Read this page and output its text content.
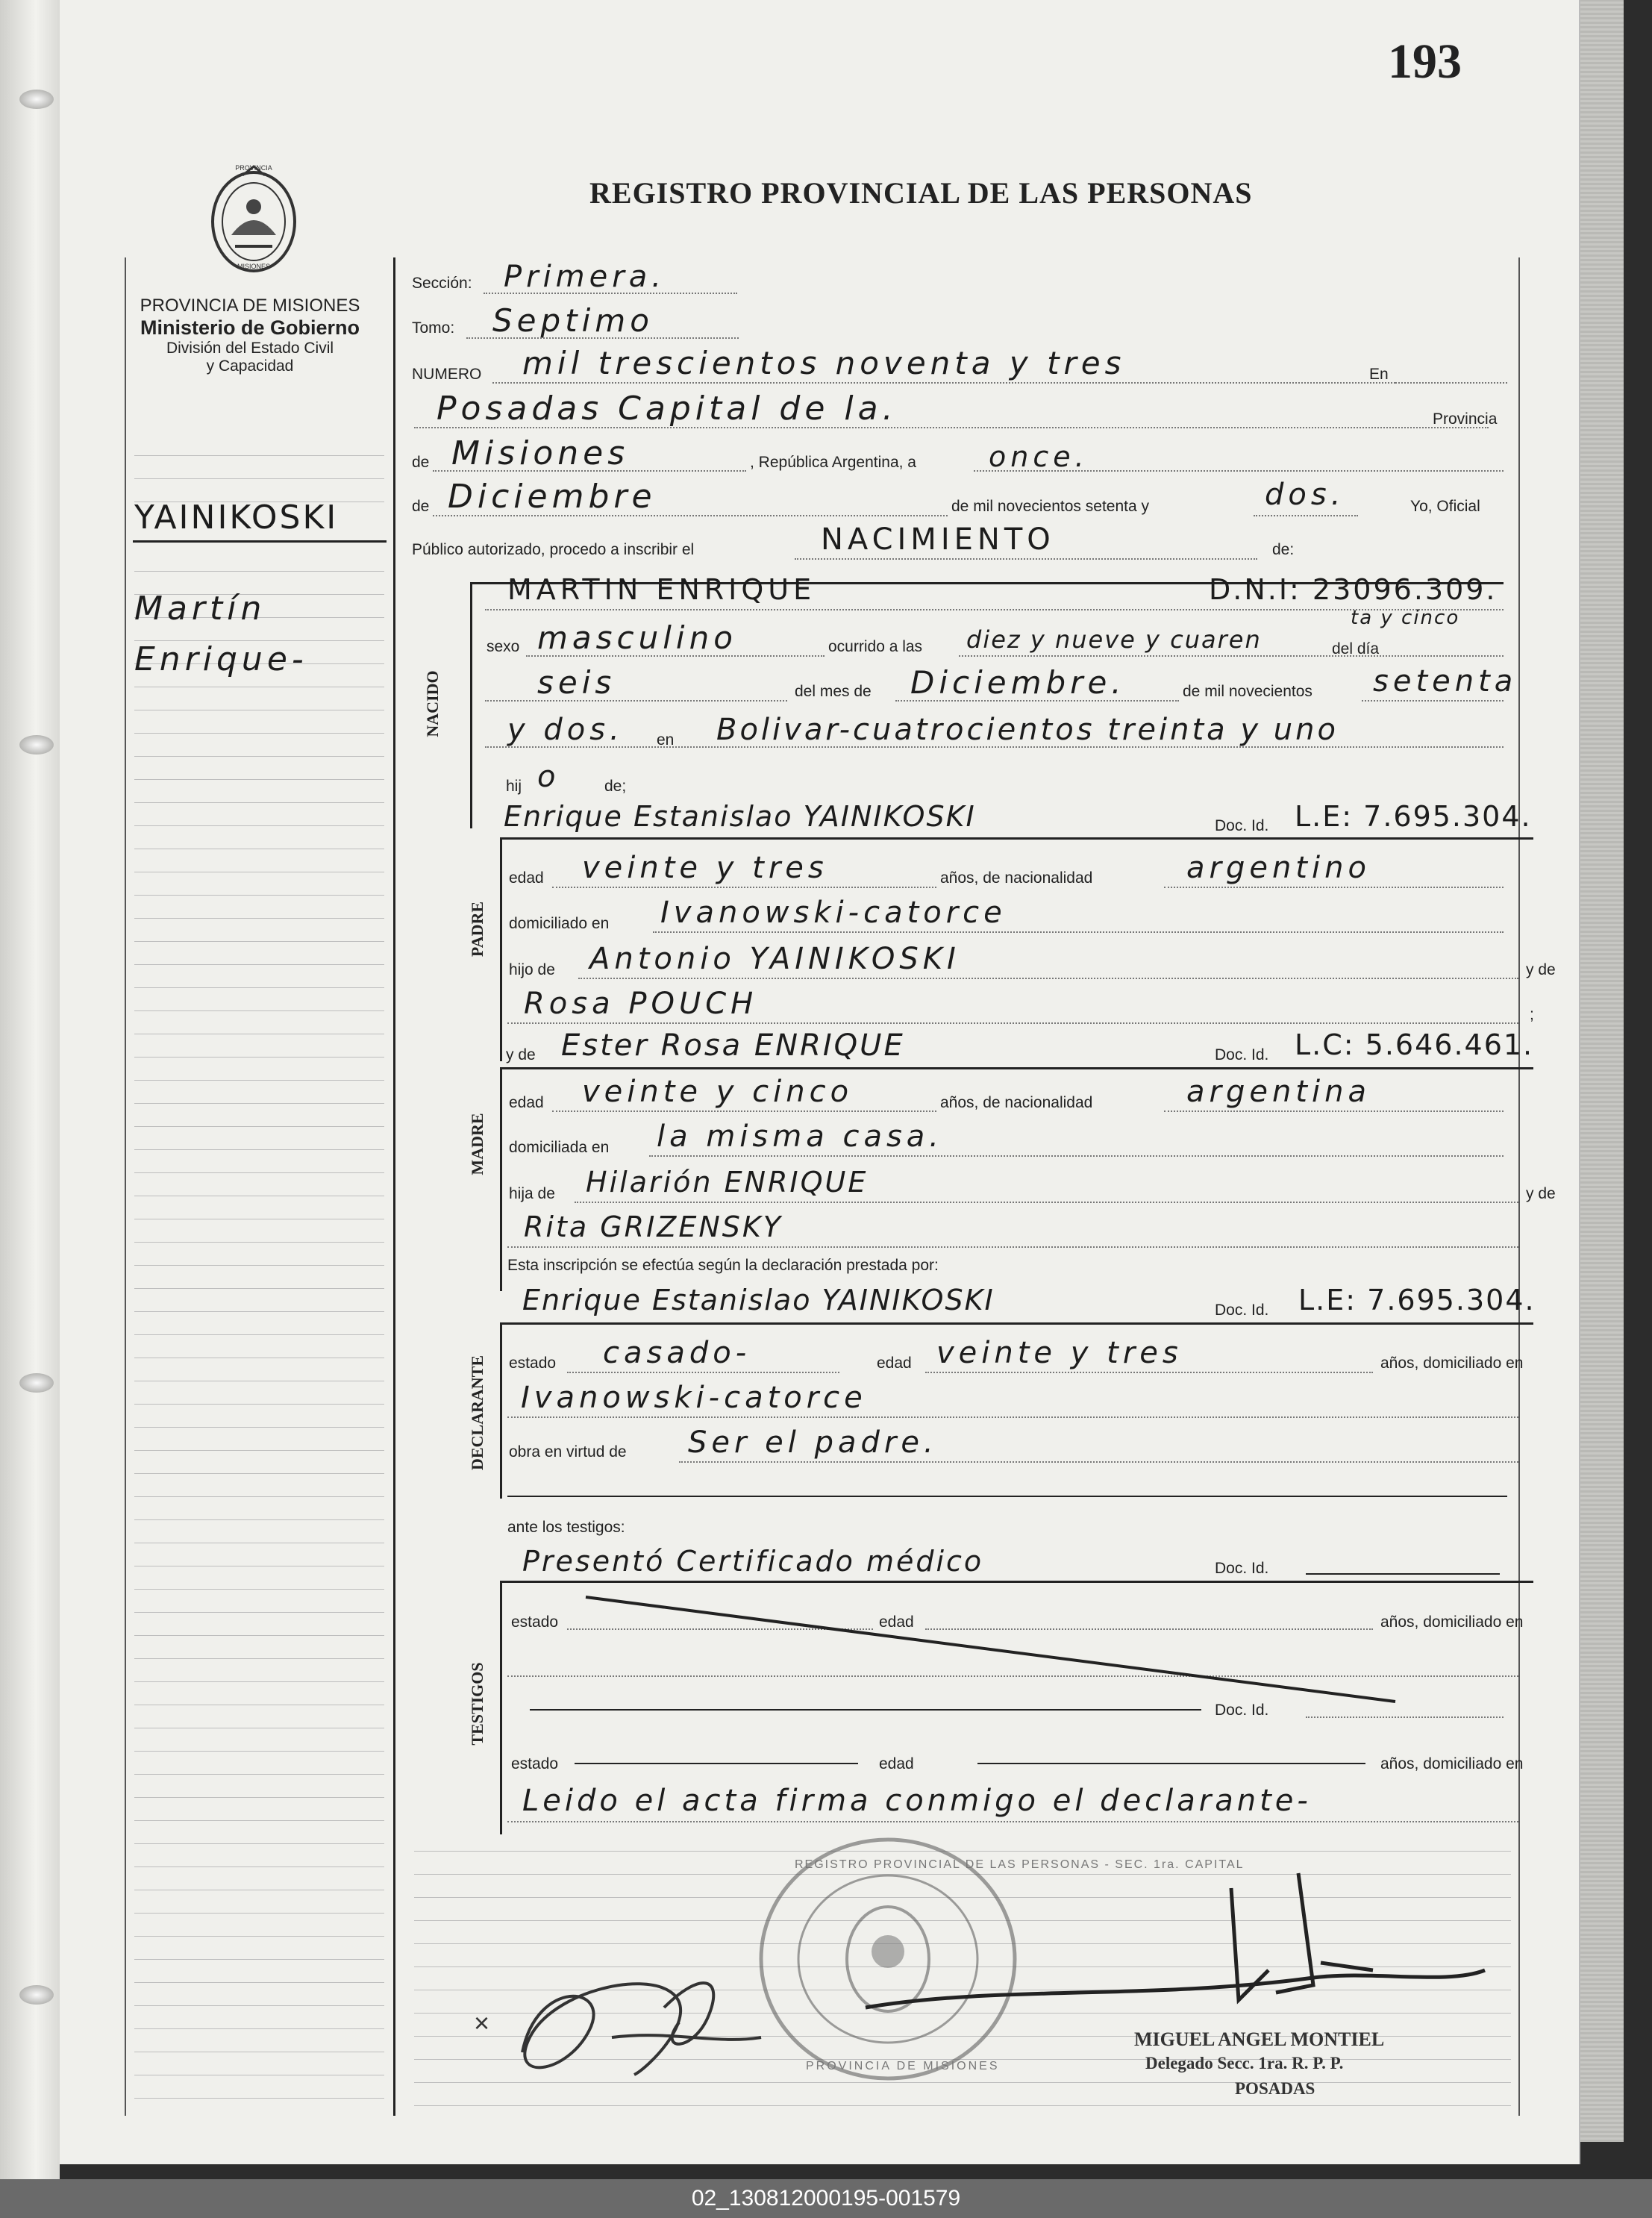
193
PROVINCIA
MISIONES
REGISTRO PROVINCIAL DE LAS PERSONAS
PROVINCIA DE MISIONES
Ministerio de Gobierno
División del Estado Civil
y Capacidad
YAINIKOSKI
Martín
Enrique-
Sección: Primera.
Tomo: Septimo
NUMERO mil trescientos noventa y tres	En
Posadas Capital de la.	Provincia
de Misiones	, República Argentina, a	once.
de Diciembre	de mil novecientos setenta y	dos.	Yo, Oficial
Público autorizado, procedo a inscribir el	NACIMIENTO	de:
NACIDO
MARTIN ENRIQUE	D.N.I: 23096.309.
sexo masculino	ocurrido a las diez y nueve y cuaren
ta y cinco
del día
seis	del mes de Diciembre.	de mil novecientos setenta
y dos. en Bolivar-cuatrocientos treinta y uno
hij o	de;
Enrique Estanislao YAINIKOSKI	Doc. Id. L.E: 7.695.304.
PADRE
edad veinte y tres	años, de nacionalidad	argentino
domiciliado en Ivanowski-catorce
hijo de Antonio YAINIKOSKI	y de
Rosa POUCH	;
y de Ester Rosa ENRIQUE	Doc. Id. L.C: 5.646.461.
MADRE
edad veinte y cinco	años, de nacionalidad	argentina
domiciliada en la misma casa.
hija de Hilarión ENRIQUE	y de
Rita GRIZENSKY
Esta inscripción se efectúa según la declaración prestada por:
Enrique Estanislao YAINIKOSKI	Doc. Id. L.E: 7.695.304.
DECLARANTE estado casado-	edad veinte y tres	años, domiciliado en
Ivanowski-catorce
obra en virtud de Ser el padre.
ante los testigos:
Presentó Certificado médico	Doc. Id.
TESTIGOS
estado	edad	años, domiciliado en
Doc. Id.
estado	edad	años, domiciliado en
Leido el acta firma conmigo el declarante-
REGISTRO PROVINCIAL DE LAS PERSONAS - SEC. 1ra. CAPITAL
PROVINCIA DE MISIONES
×
MIGUEL ANGEL MONTIEL
Delegado Secc. 1ra. R. P. P.
POSADAS
02_130812000195-001579
